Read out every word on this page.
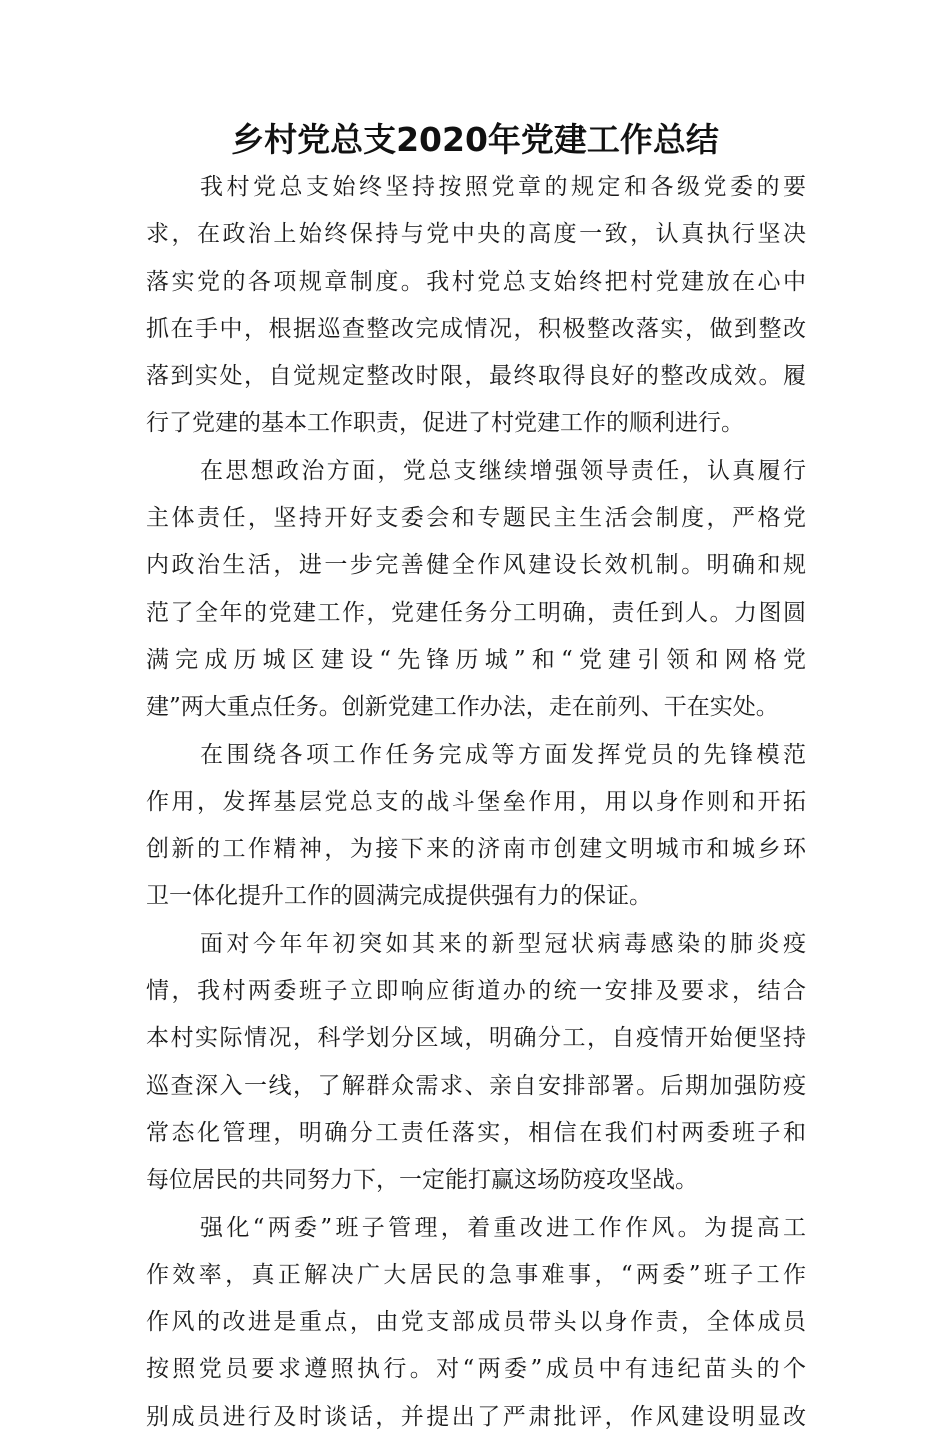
乡村党总支2020年党建工作总结

我村党总支始终坚持按照党章的规定和各级党委的要
求，在政治上始终保持与党中央的高度一致，认真执行坚决
落实党的各项规章制度。我村党总支始终把村党建放在心中
抓在手中，根据巡查整改完成情况，积极整改落实，做到整改
落到实处，自觉规定整改时限，最终取得良好的整改成效。履
行了党建的基本工作职责，促进了村党建工作的顺利进行。

在思想政治方面，党总支继续增强领导责任，认真履行
主体责任，坚持开好支委会和专题民主生活会制度，严格党
内政治生活，进一步完善健全作风建设长效机制。明确和规
范了全年的党建工作，党建任务分工明确，责任到人。力图圆
满完成历城区建设“先锋历城”和“党建引领和网格党
建”两大重点任务。创新党建工作办法，走在前列、干在实处。

在围绕各项工作任务完成等方面发挥党员的先锋模范
作用，发挥基层党总支的战斗堡垒作用，用以身作则和开拓
创新的工作精神，为接下来的济南市创建文明城市和城乡环
卫一体化提升工作的圆满完成提供强有力的保证。

面对今年年初突如其来的新型冠状病毒感染的肺炎疫
情，我村两委班子立即响应街道办的统一安排及要求，结合
本村实际情况，科学划分区域，明确分工，自疫情开始便坚持
巡查深入一线，了解群众需求、亲自安排部署。后期加强防疫
常态化管理，明确分工责任落实，相信在我们村两委班子和
每位居民的共同努力下，一定能打赢这场防疫攻坚战。

强化“两委”班子管理，着重改进工作作风。为提高工
作效率，真正解决广大居民的急事难事，“两委”班子工作
作风的改进是重点，由党支部成员带头以身作责，全体成员
按照党员要求遵照执行。对“两委”成员中有违纪苗头的个
别成员进行及时谈话，并提出了严肃批评，作风建设明显改
